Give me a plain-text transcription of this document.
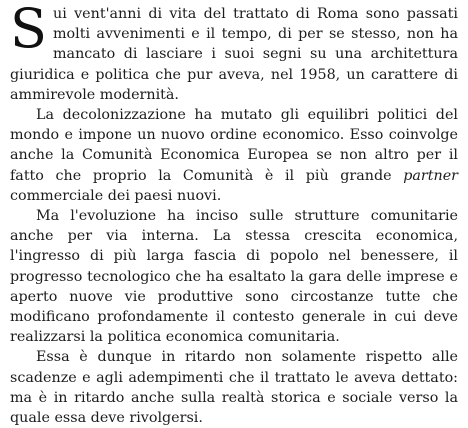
Sui vent'anni di vita del trattato di Roma sono passati molti avvenimenti e il tempo, di per se stesso, non ha mancato di lasciare i suoi segni su una architettura giuridica e politica che pur aveva, nel 1958, un carattere di ammirevole modernità.

La decolonizzazione ha mutato gli equilibri politici del mondo e impone un nuovo ordine economico. Esso coinvolge anche la Comunità Economica Europea se non altro per il fatto che proprio la Comunità è il più grande partner commerciale dei paesi nuovi.

Ma l'evoluzione ha inciso sulle strutture comunitarie anche per via interna. La stessa crescita economica, l'ingresso di più larga fascia di popolo nel benessere, il progresso tecnologico che ha esaltato la gara delle imprese e aperto nuove vie produttive sono circostanze tutte che modificano profondamente il contesto generale in cui deve realizzarsi la politica economica comunitaria.

Essa è dunque in ritardo non solamente rispetto alle scadenze e agli adempimenti che il trattato le aveva dettato: ma è in ritardo anche sulla realtà storica e sociale verso la quale essa deve rivolgersi.
